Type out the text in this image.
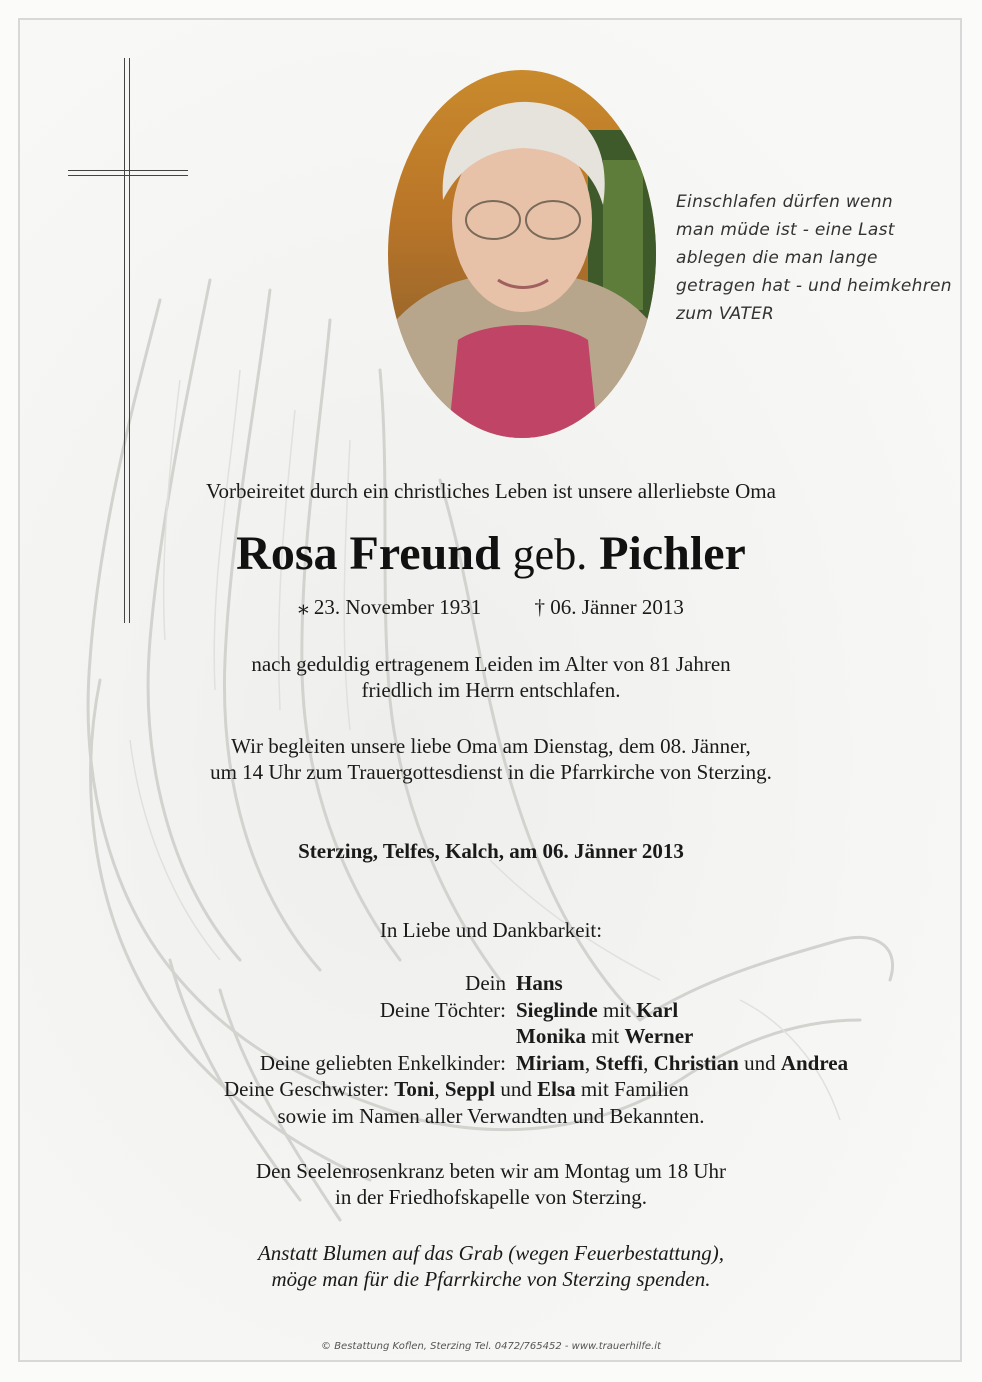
Einschlafen dürfen wenn
man müde ist - eine Last
ablegen die man lange
getragen hat - und heimkehren
zum VATER
Vorbeireitet durch ein christliches Leben ist unsere allerliebste Oma
Rosa Freund geb. Pichler
⁎ 23. November 1931	† 06. Jänner 2013
nach geduldig ertragenem Leiden im Alter von 81 Jahren
friedlich im Herrn entschlafen.
Wir begleiten unsere liebe Oma am Dienstag, dem 08. Jänner,
um 14 Uhr zum Trauergottesdienst in die Pfarrkirche von Sterzing.
Sterzing, Telfes, Kalch, am 06. Jänner 2013
In Liebe und Dankbarkeit:
Dein Hans
Deine Töchter: Sieglinde mit Karl
Monika mit Werner
Deine geliebten Enkelkinder: Miriam, Steffi, Christian und Andrea
Deine Geschwister: Toni, Seppl und Elsa mit Familien
sowie im Namen aller Verwandten und Bekannten.
Den Seelenrosenkranz beten wir am Montag um 18 Uhr
in der Friedhofskapelle von Sterzing.
Anstatt Blumen auf das Grab (wegen Feuerbestattung),
möge man für die Pfarrkirche von Sterzing spenden.
© Bestattung Koflen, Sterzing Tel. 0472/765452 - www.trauerhilfe.it
